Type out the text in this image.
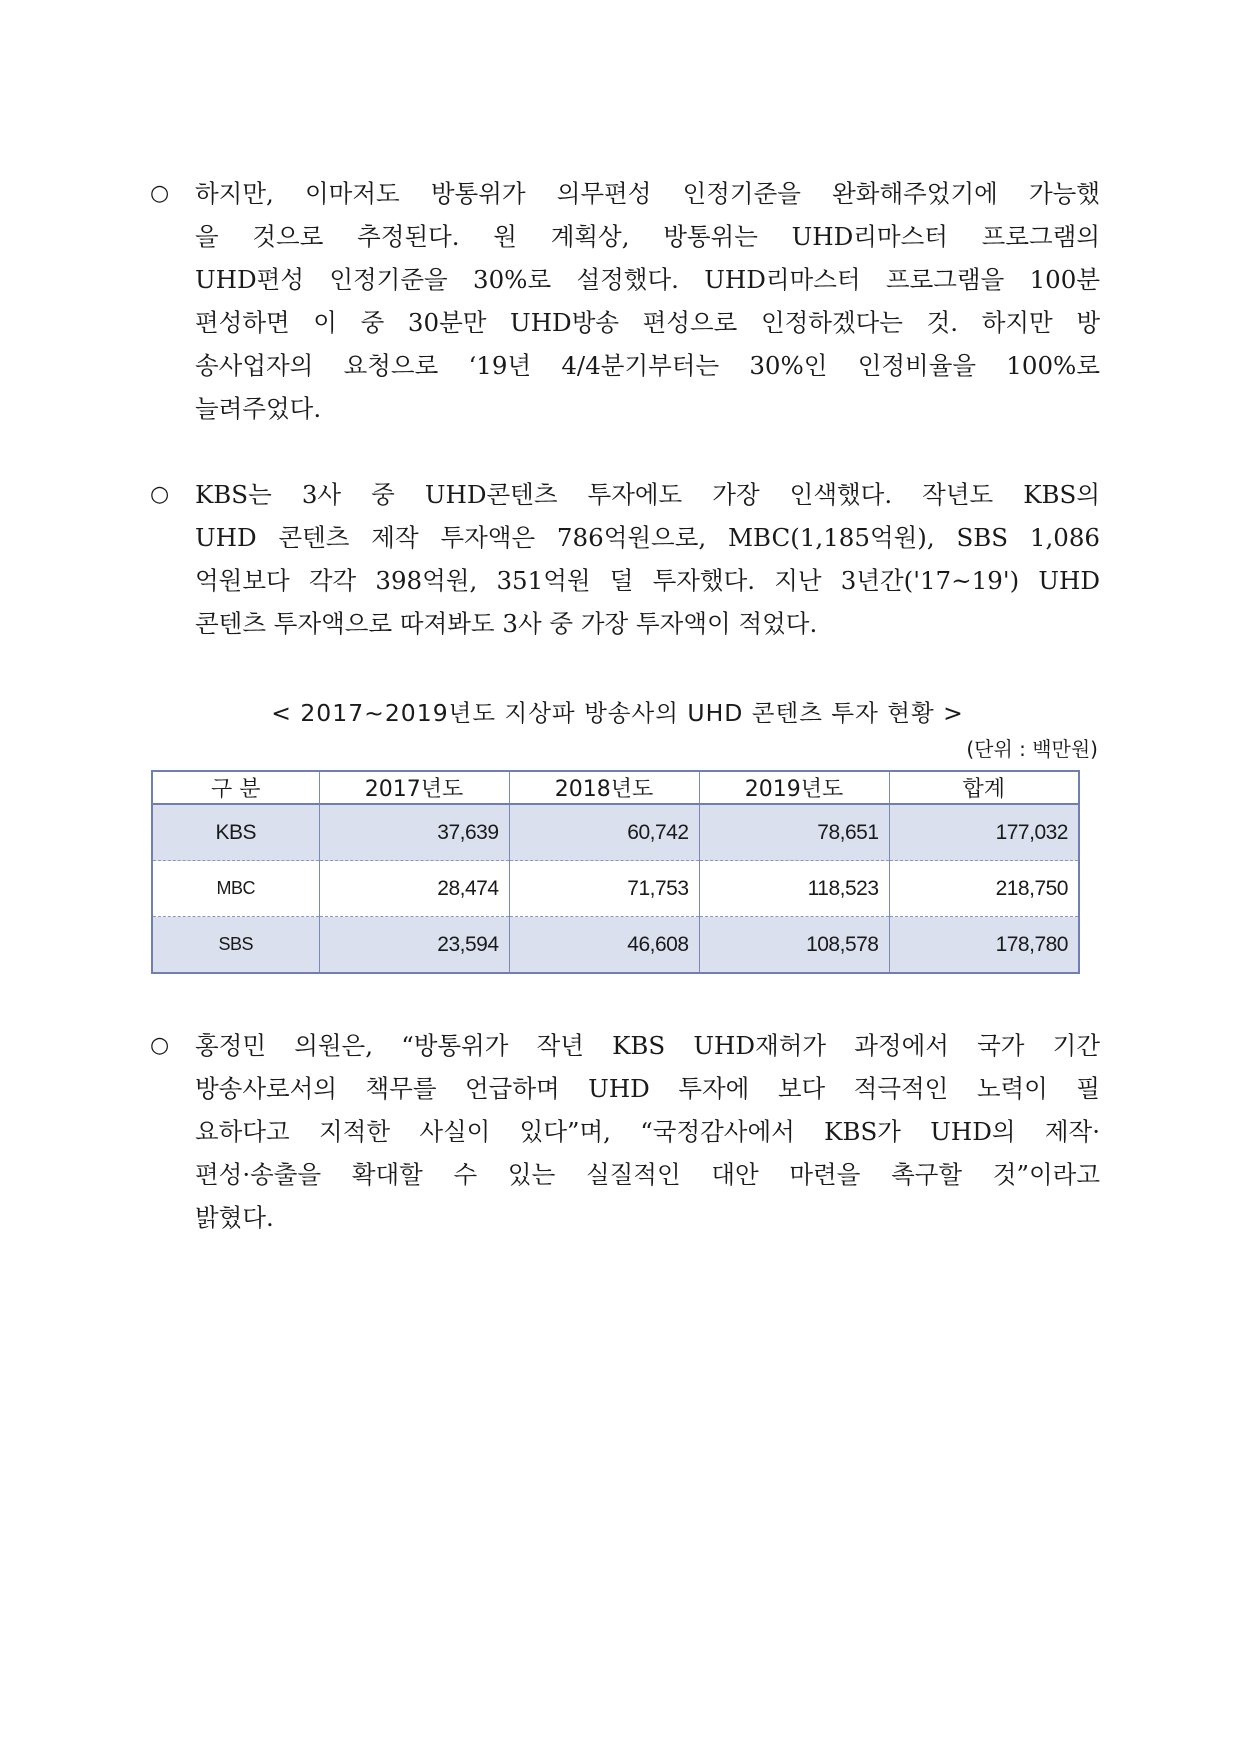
○ 하지만, 이마저도 방통위가 의무편성 인정기준을 완화해주었기에 가능했
을 것으로 추정된다. 원 계획상, 방통위는 UHD리마스터 프로그램의
UHD편성 인정기준을 30%로 설정했다. UHD리마스터 프로그램을 100분
편성하면 이 중 30분만 UHD방송 편성으로 인정하겠다는 것. 하지만 방
송사업자의 요청으로 ‘19년 4/4분기부터는 30%인 인정비율을 100%로
늘려주었다.
○ KBS는 3사 중 UHD콘텐츠 투자에도 가장 인색했다. 작년도 KBS의
UHD 콘텐츠 제작 투자액은 786억원으로, MBC(1,185억원), SBS 1,086
억원보다 각각 398억원, 351억원 덜 투자했다. 지난 3년간('17~19') UHD
콘텐츠 투자액으로 따져봐도 3사 중 가장 투자액이 적었다.
< 2017~2019년도 지상파 방송사의 UHD 콘텐츠 투자 현황 >
(단위 : 백만원)
구 분	2017년도	2018년도	2019년도	합계
KBS	37,639	60,742	78,651	177,032
MBC	28,474	71,753	118,523	218,750
SBS	23,594	46,608	108,578	178,780
○ 홍정민 의원은, “방통위가 작년 KBS UHD재허가 과정에서 국가 기간
방송사로서의 책무를 언급하며 UHD 투자에 보다 적극적인 노력이 필
요하다고 지적한 사실이 있다”며, “국정감사에서 KBS가 UHD의 제작·
편성·송출을 확대할 수 있는 실질적인 대안 마련을 촉구할 것”이라고
밝혔다.
